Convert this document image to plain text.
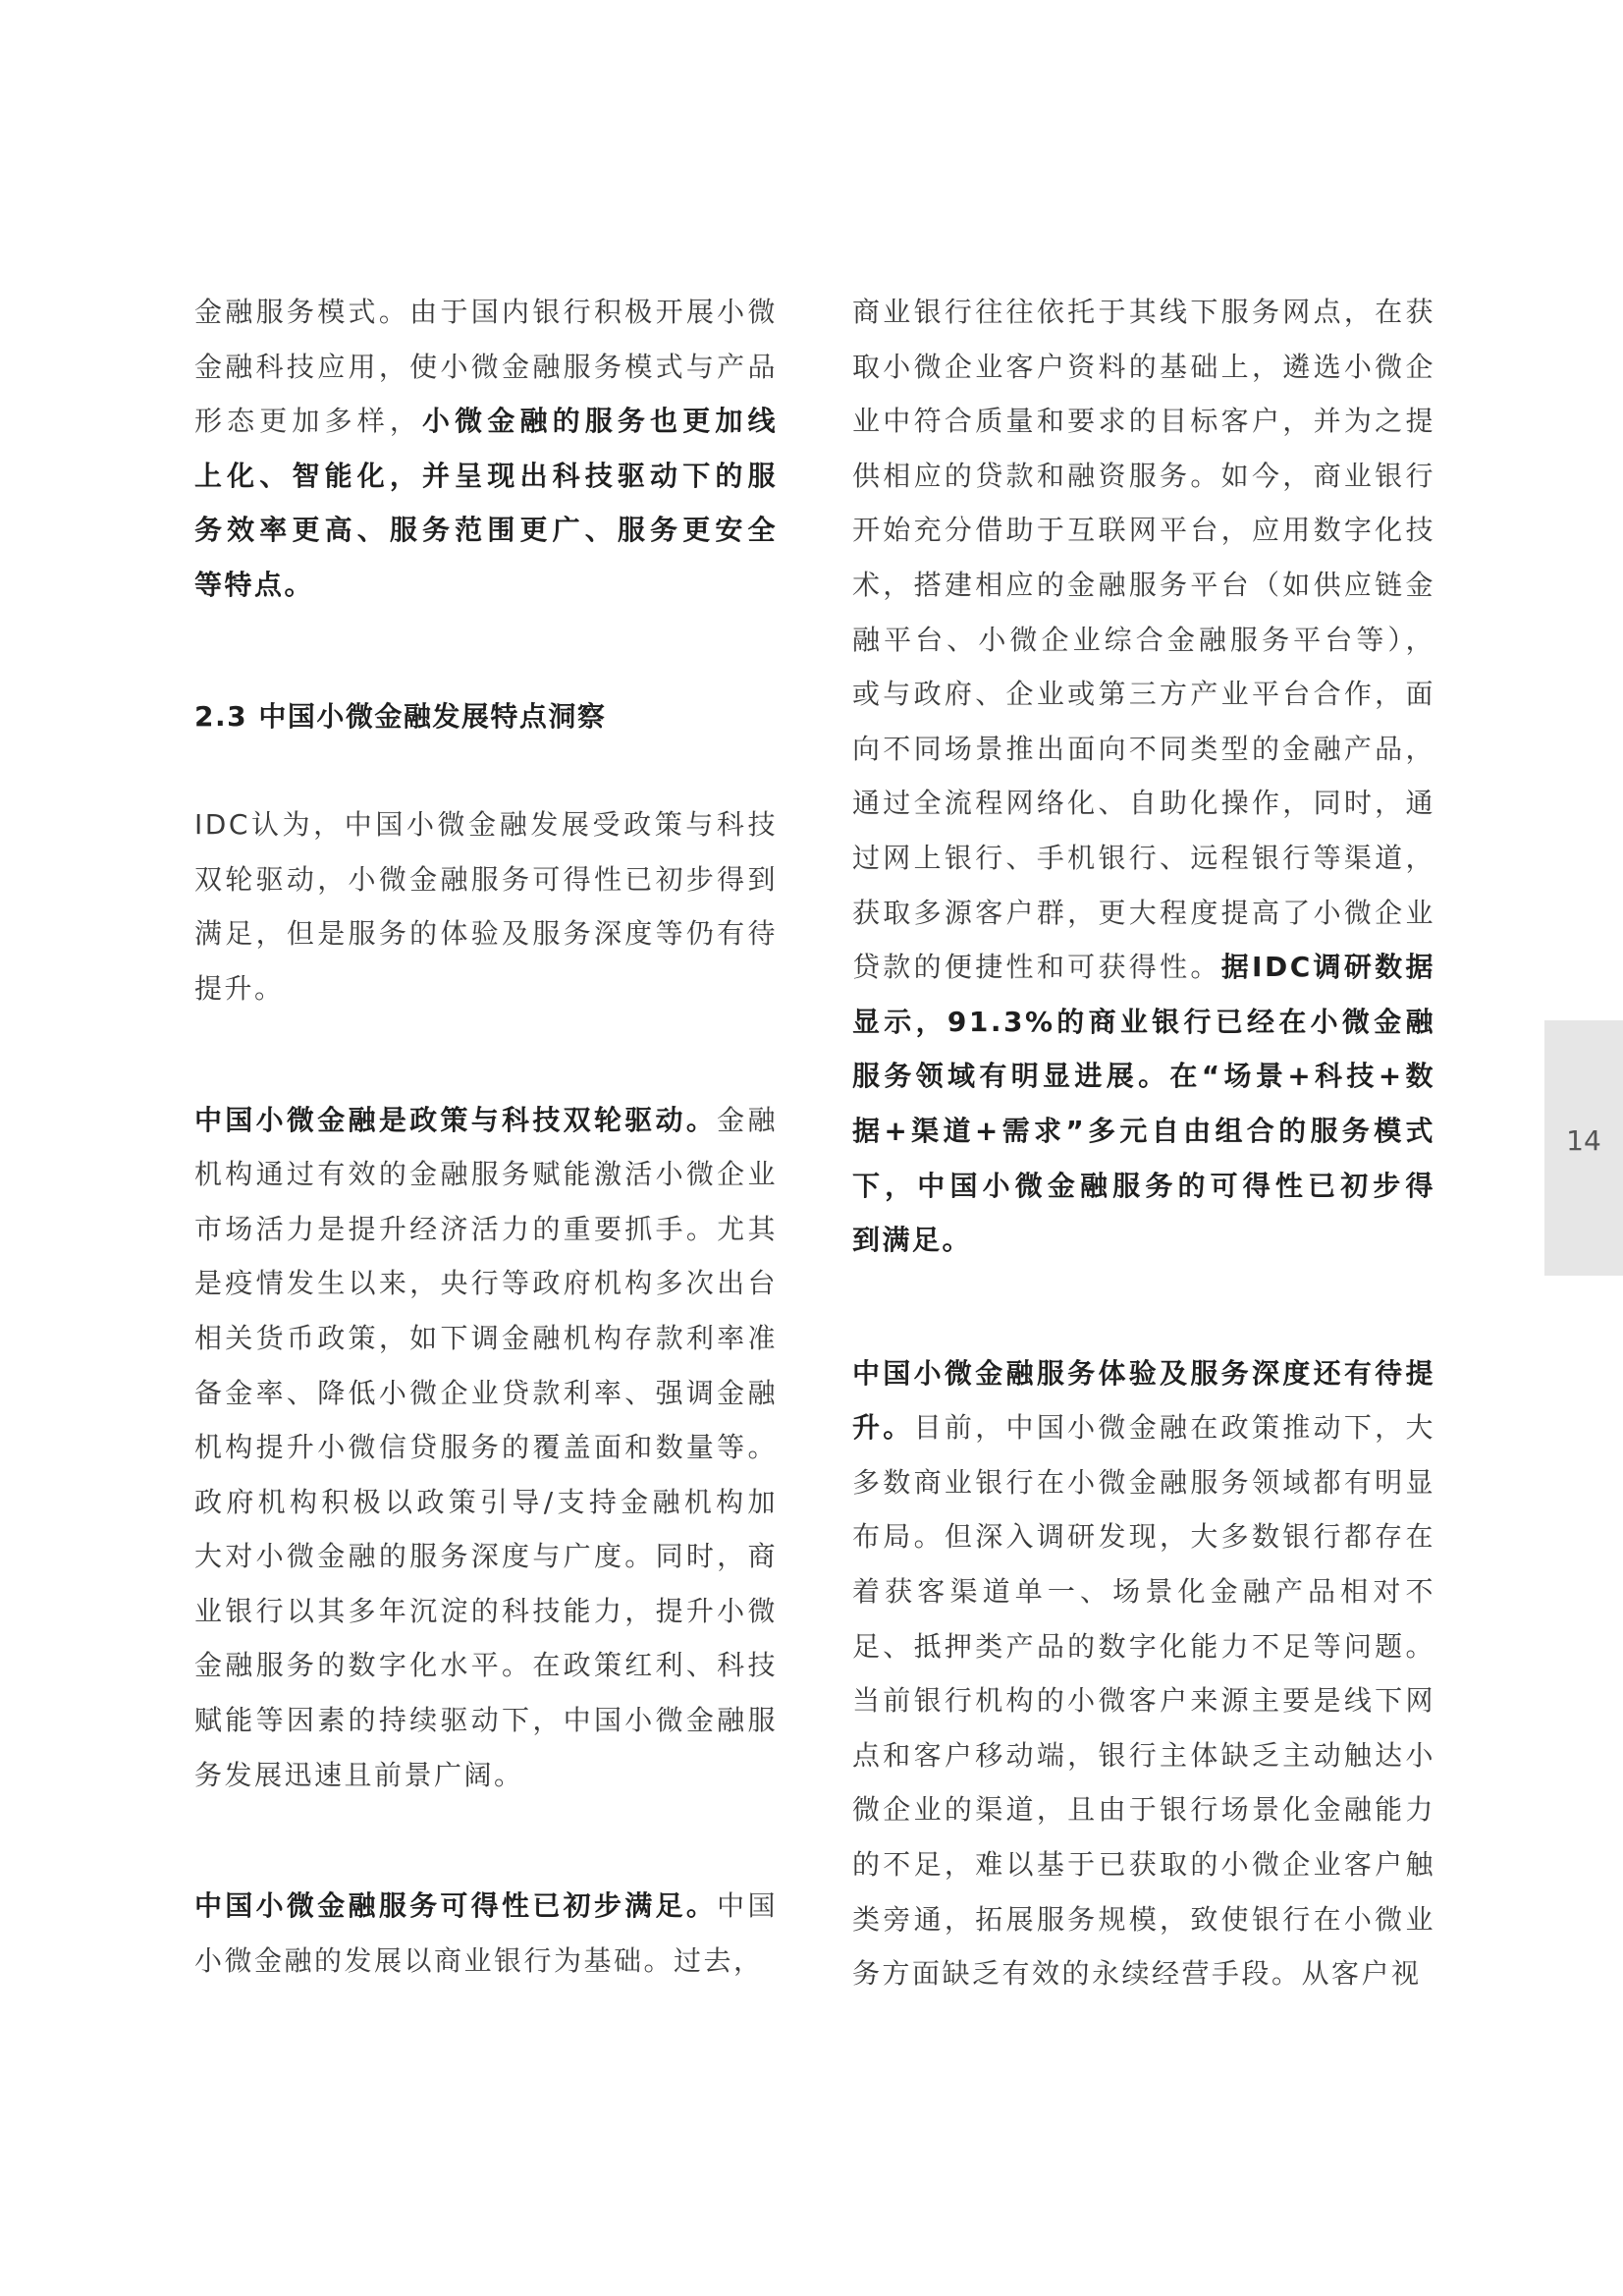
金融服务模式。由于国内银行积极开展小微
金融科技应用，使小微金融服务模式与产品
形态更加多样，小微金融的服务也更加线
上化、智能化，并呈现出科技驱动下的服
务效率更高、服务范围更广、服务更安全
等特点。
2.3 中国小微金融发展特点洞察
IDC认为，中国小微金融发展受政策与科技
双轮驱动，小微金融服务可得性已初步得到
满足，但是服务的体验及服务深度等仍有待
提升。
中国小微金融是政策与科技双轮驱动。金融
机构通过有效的金融服务赋能激活小微企业
市场活力是提升经济活力的重要抓手。尤其
是疫情发生以来，央行等政府机构多次出台
相关货币政策，如下调金融机构存款利率准
备金率、降低小微企业贷款利率、强调金融
机构提升小微信贷服务的覆盖面和数量等。
政府机构积极以政策引导/支持金融机构加
大对小微金融的服务深度与广度。同时，商
业银行以其多年沉淀的科技能力，提升小微
金融服务的数字化水平。在政策红利、科技
赋能等因素的持续驱动下，中国小微金融服
务发展迅速且前景广阔。
中国小微金融服务可得性已初步满足。中国
小微金融的发展以商业银行为基础。过去，
商业银行往往依托于其线下服务网点，在获
取小微企业客户资料的基础上，遴选小微企
业中符合质量和要求的目标客户，并为之提
供相应的贷款和融资服务。如今，商业银行
开始充分借助于互联网平台，应用数字化技
术，搭建相应的金融服务平台（如供应链金
融平台、小微企业综合金融服务平台等），
或与政府、企业或第三方产业平台合作，面
向不同场景推出面向不同类型的金融产品，
通过全流程网络化、自助化操作，同时，通
过网上银行、手机银行、远程银行等渠道，
获取多源客户群，更大程度提高了小微企业
贷款的便捷性和可获得性。据IDC调研数据
显示，91.3%的商业银行已经在小微金融
服务领域有明显进展。在“场景+科技+数
据+渠道+需求”多元自由组合的服务模式
下，中国小微金融服务的可得性已初步得
到满足。
中国小微金融服务体验及服务深度还有待提
升。目前，中国小微金融在政策推动下，大
多数商业银行在小微金融服务领域都有明显
布局。但深入调研发现，大多数银行都存在
着获客渠道单一、场景化金融产品相对不
足、抵押类产品的数字化能力不足等问题。
当前银行机构的小微客户来源主要是线下网
点和客户移动端，银行主体缺乏主动触达小
微企业的渠道，且由于银行场景化金融能力
的不足，难以基于已获取的小微企业客户触
类旁通，拓展服务规模，致使银行在小微业
务方面缺乏有效的永续经营手段。从客户视
14
